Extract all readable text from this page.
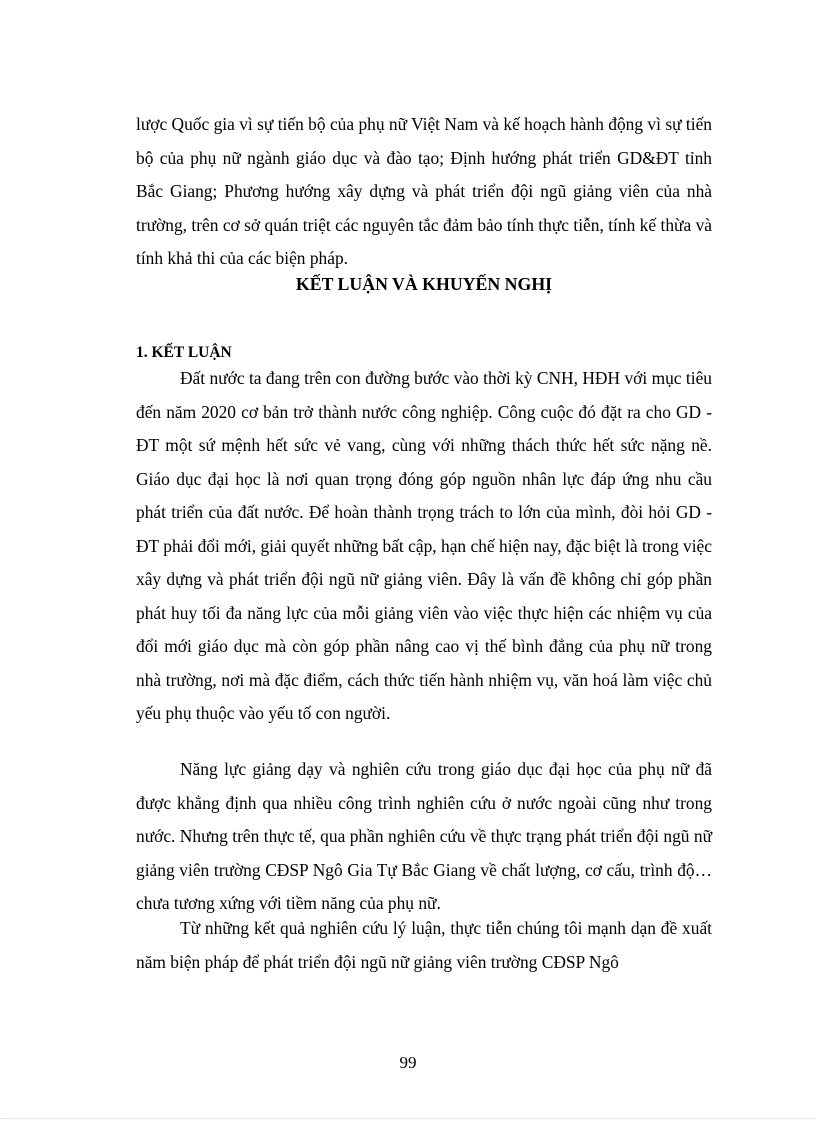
lược Quốc gia vì sự tiến bộ của phụ nữ Việt Nam và kế hoạch hành động vì sự tiến bộ của phụ nữ ngành giáo dục và đào tạo; Định hướng phát triển GD&ĐT tỉnh Bắc Giang; Phương hướng xây dựng và phát triển đội ngũ giảng viên của nhà trường, trên cơ sở quán triệt các nguyên tắc đảm bảo tính thực tiễn, tính kế thừa và tính khả thi của các biện pháp.

KẾT LUẬN VÀ KHUYẾN NGHỊ
1. KẾT LUẬN

Đất nước ta đang trên con đường bước vào thời kỳ CNH, HĐH với mục tiêu đến năm 2020 cơ bản trở thành nước công nghiệp. Công cuộc đó đặt ra cho GD - ĐT một sứ mệnh hết sức vẻ vang, cùng với những thách thức hết sức nặng nề. Giáo dục đại học là nơi quan trọng đóng góp nguồn nhân lực đáp ứng nhu cầu phát triển của đất nước. Để hoàn thành trọng trách to lớn của mình, đòi hỏi GD - ĐT phải đổi mới, giải quyết những bất cập, hạn chế hiện nay, đặc biệt là trong việc xây dựng và phát triển đội ngũ nữ giảng viên. Đây là vấn đề không chỉ góp phần phát huy tối đa năng lực của mỗi giảng viên vào việc thực hiện các nhiệm vụ của đổi mới giáo dục mà còn góp phần nâng cao vị thế bình đẳng của phụ nữ trong nhà trường, nơi mà đặc điểm, cách thức tiến hành nhiệm vụ, văn hoá làm việc chủ yếu phụ thuộc vào yếu tố con người.

Năng lực giảng dạy và nghiên cứu trong giáo dục đại học của phụ nữ đã được khẳng định qua nhiều công trình nghiên cứu ở nước ngoài cũng như trong nước. Nhưng trên thực tế, qua phần nghiên cứu về thực trạng phát triển đội ngũ nữ giảng viên trường CĐSP Ngô Gia Tự Bắc Giang về chất lượng, cơ cấu, trình độ… chưa tương xứng với tiềm năng của phụ nữ.

Từ những kết quả nghiên cứu lý luận, thực tiễn chúng tôi mạnh dạn đề xuất năm biện pháp để phát triển đội ngũ nữ giảng viên trường CĐSP Ngô

99
